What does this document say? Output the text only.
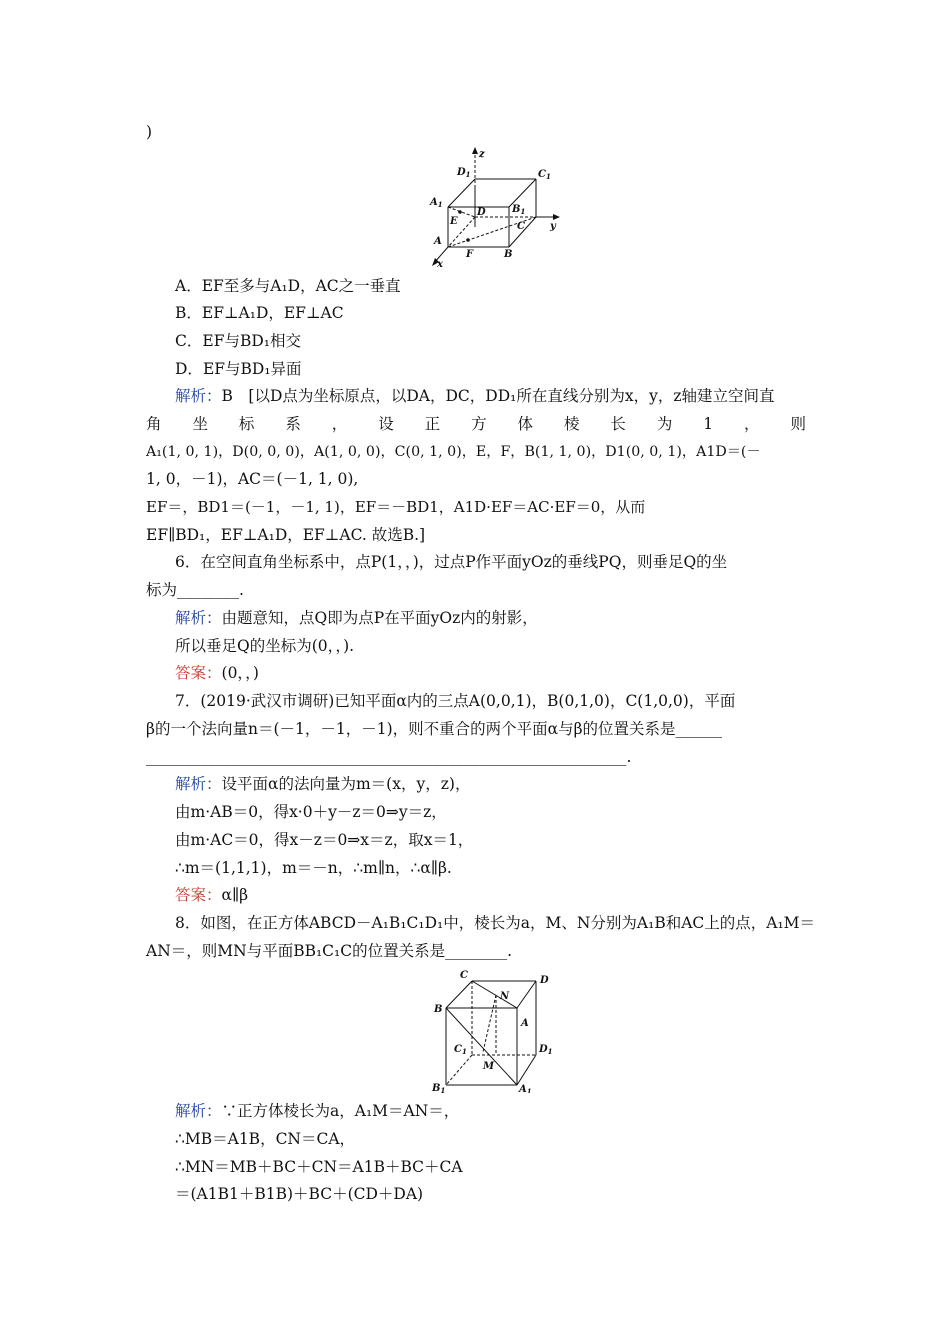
)
z
$D_1$	$C_1$
$A_1$
D	$B_1$
E	C	y
A
F	B
x
A．EF至多与A₁D，AC之一垂直
B．EF⊥A₁D，EF⊥AC
C．EF与BD₁相交
D．EF与BD₁异面
解析：B　[以D点为坐标原点，以DA，DC，DD₁所在直线分别为x，y，z轴建立空间直
角 坐 标 系 ， 设 正 方 体 棱 长 为 1 ， 则
A₁(1, 0, 1)，D(0, 0, 0)，A(1, 0, 0)，C(0, 1, 0)，E，F，B(1, 1, 0)，D1(0, 0, 1)，A1D＝(－
1, 0，－1)，AC＝(－1, 1, 0),
EF＝，BD1＝(－1，－1, 1)，EF＝－BD1，A1D·EF＝AC·EF＝0，从而
EF∥BD₁，EF⊥A₁D，EF⊥AC. 故选B.]
6．在空间直角坐标系中，点P(1，，)，过点P作平面yOz的垂线PQ，则垂足Q的坐
标为________.
解析：由题意知，点Q即为点P在平面yOz内的射影，
所以垂足Q的坐标为(0，，).
答案：(0，，)
7．(2019·武汉市调研)已知平面α内的三点A(0,0,1)，B(0,1,0)，C(1,0,0)，平面
β的一个法向量n＝(－1，－1，－1)，则不重合的两个平面α与β的位置关系是______
______________________________________________________________.
解析：设平面α的法向量为m＝(x，y，z)，
由m·AB＝0，得x·0＋y－z＝0⇒y＝z，
由m·AC＝0，得x－z＝0⇒x＝z，取x＝1，
∴m＝(1,1,1)，m＝－n，∴m∥n，∴α∥β.
答案：α∥β
8．如图，在正方体ABCD－A₁B₁C₁D₁中，棱长为a，M、N分别为A₁B和AC上的点，A₁M＝
AN＝，则MN与平面BB₁C₁C的位置关系是________.
C
N
D
B
A
$C_1$	$D_1$
M
$B_1$	$A_1$
解析：∵正方体棱长为a，A₁M＝AN＝，
∴MB＝A1B，CN＝CA，
∴MN＝MB＋BC＋CN＝A1B＋BC＋CA
＝(A1B1＋B1B)＋BC＋(CD＋DA)
